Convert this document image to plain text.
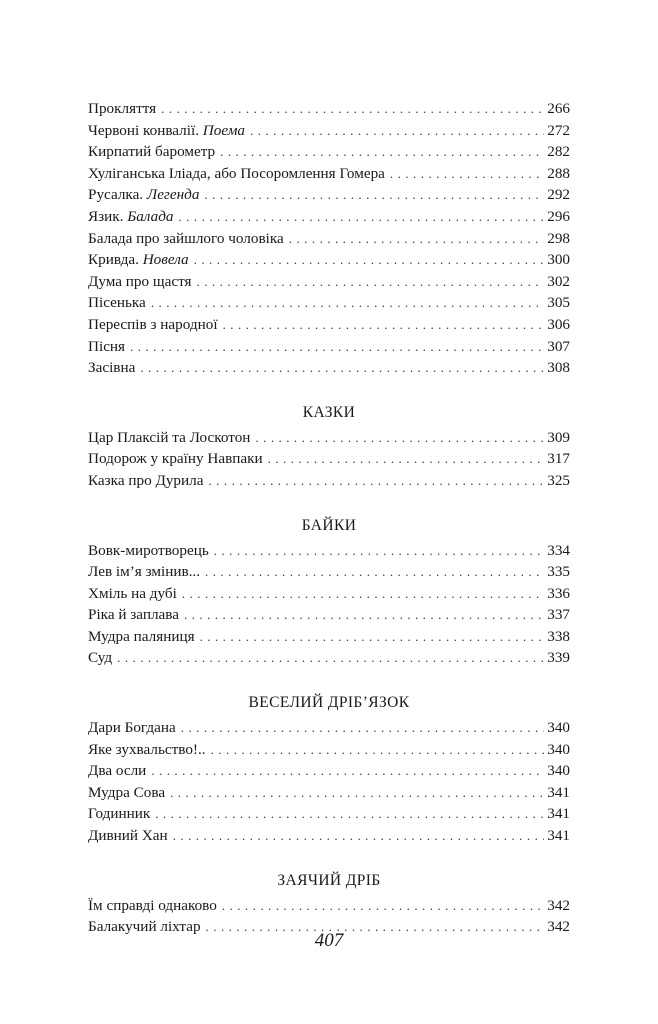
Прокляття . . .	266
Червоні конвалії. Поема . . .	272
Кирпатий барометр . . .	282
Хуліганська Іліада, або Посоромлення Гомера . . .	288
Русалка. Легенда . . .	292
Язик. Балада . . .	296
Балада про зайшлого чоловіка . . .	298
Кривда. Новела . . .	300
Дума про щастя . . .	302
Пісенька . . .	305
Переспів з народної . . .	306
Пісня . . .	307
Засівна . . .	308
КАЗКИ
Цар Плаксій та Лоскотон . . .	309
Подорож у країну Навпаки . . .	317
Казка про Дурила . . .	325
БАЙКИ
Вовк-миротворець . . .	334
Лев ім’я змінив... . . .	335
Хміль на дубі . . .	336
Ріка й заплава . . .	337
Мудра паляниця . . .	338
Суд . . .	339
ВЕСЕЛИЙ ДРІБ’ЯЗОК
Дари Богдана . . .	340
Яке зухвальство!.. . . .	340
Два осли . . .	340
Мудра Сова . . .	341
Годинник . . .	341
Дивний Хан . . .	341
ЗАЯЧИЙ ДРІБ
Їм справді однаково . . .	342
Балакучий ліхтар . . .	342
407
